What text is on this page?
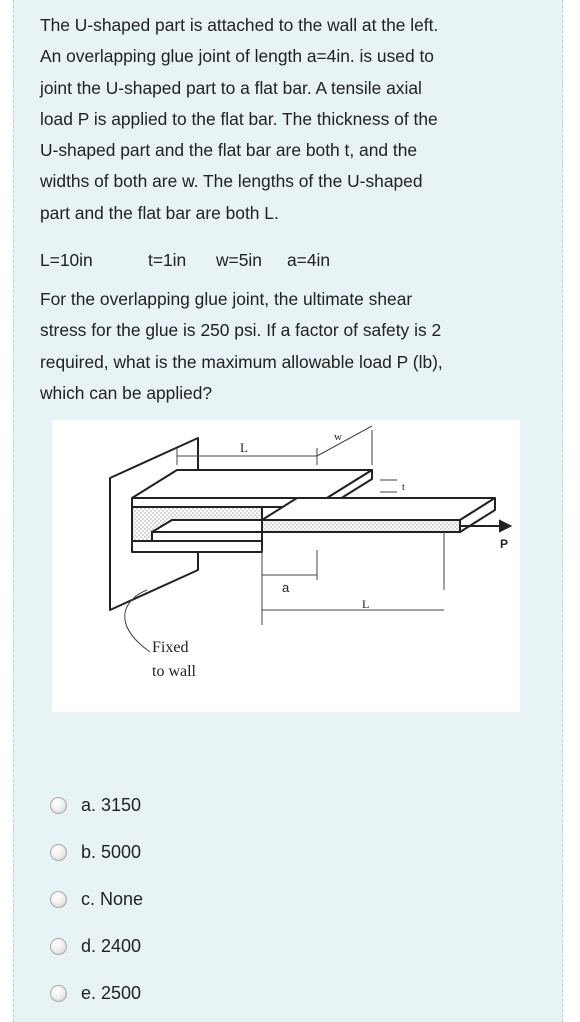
The U-shaped part is attached to the wall at the left.
An overlapping glue joint of length a=4in. is used to
joint the U-shaped part to a flat bar. A tensile axial
load P is applied to the flat bar. The thickness of the
U-shaped part and the flat bar are both t, and the
widths of both are w. The lengths of the U-shaped
part and the flat bar are both L.
L=10in	t=1in w=5in a=4in
For the overlapping glue joint, the ultimate shear
stress for the glue is 250 psi. If a factor of safety is 2
required, what is the maximum allowable load P (lb),
which can be applied?
L
w
t
P
a
L
Fixed
to wall
a. 3150
b. 5000
c. None
d. 2400
e. 2500
